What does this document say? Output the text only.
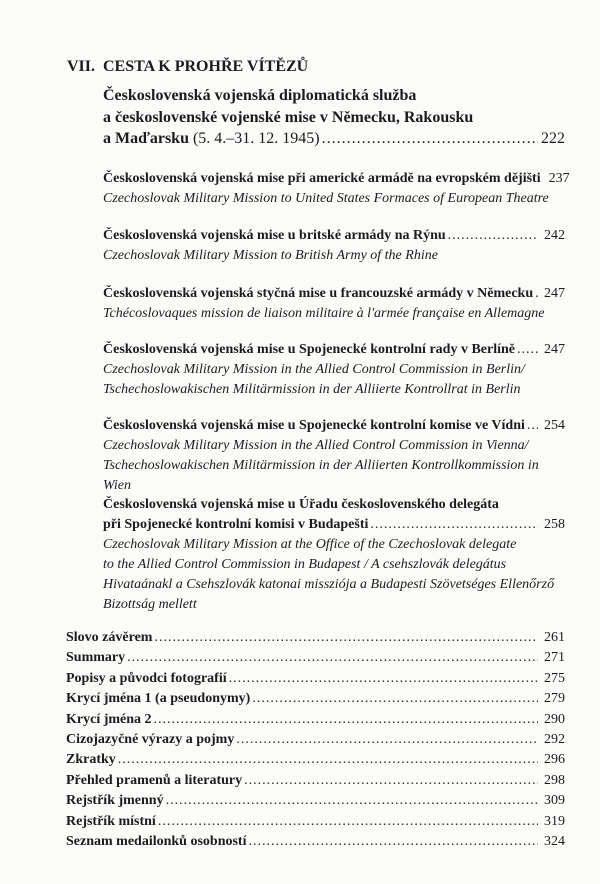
VII. CESTA K PROHŘE VÍTĚZŮ
Československá vojenská diplomatická služba
a československé vojenské mise v Německu, Rakousku
a Maďarsku
(5. 4.–31. 12. 1945) .....	222
Československá vojenská mise při americké armádě na evropském dějišti 237
Czechoslovak Military Mission to United States Formaces of European Theatre
Československá vojenská mise u britské armády na Rýnu .....	242
Czechoslovak Military Mission to British Army of the Rhine
Československá vojenská styčná mise u francouzské armády v Německu ..... 247
Tchécoslovaques mission de liaison militaire à l'armée française en Allemagne
Československá vojenská mise u Spojenecké kontrolní rady v Berlíně ..... 247
Czechoslovak Military Mission in the Allied Control Commission in Berlin/
Tschechoslowakischen Militärmission in der Alliierte Kontrollrat in Berlin
Československá vojenská mise u Spojenecké kontrolní komise ve Vídni ..... 254
Czechoslovak Military Mission in the Allied Control Commission in Vienna/
Tschechoslowakischen Militärmission in der Alliierten Kontrollkommission in Wien
Československá vojenská mise u Úřadu československého delegáta
při Spojenecké kontrolní komisi v Budapešti .....	258
Czechoslovak Military Mission at the Office of the Czechoslovak delegate
to the Allied Control Commission in Budapest / A csehszlovák delegátus
Hivataánakl a Csehszlovák katonai missziója a Budapesti Szövetséges Ellenőrző
Bizottság mellett
Slovo závěrem .....	261
Summary .....	271
Popisy a původci fotografií .....	275
Krycí jména 1 (a pseudonymy) .....	279
Krycí jména 2 .....	290
Cizojazyčné výrazy a pojmy .....	292
Zkratky .....	296
Přehled pramenů a literatury .....	298
Rejstřík jmenný .....	309
Rejstřík místní .....	319
Seznam medailonků osobností .....	324
